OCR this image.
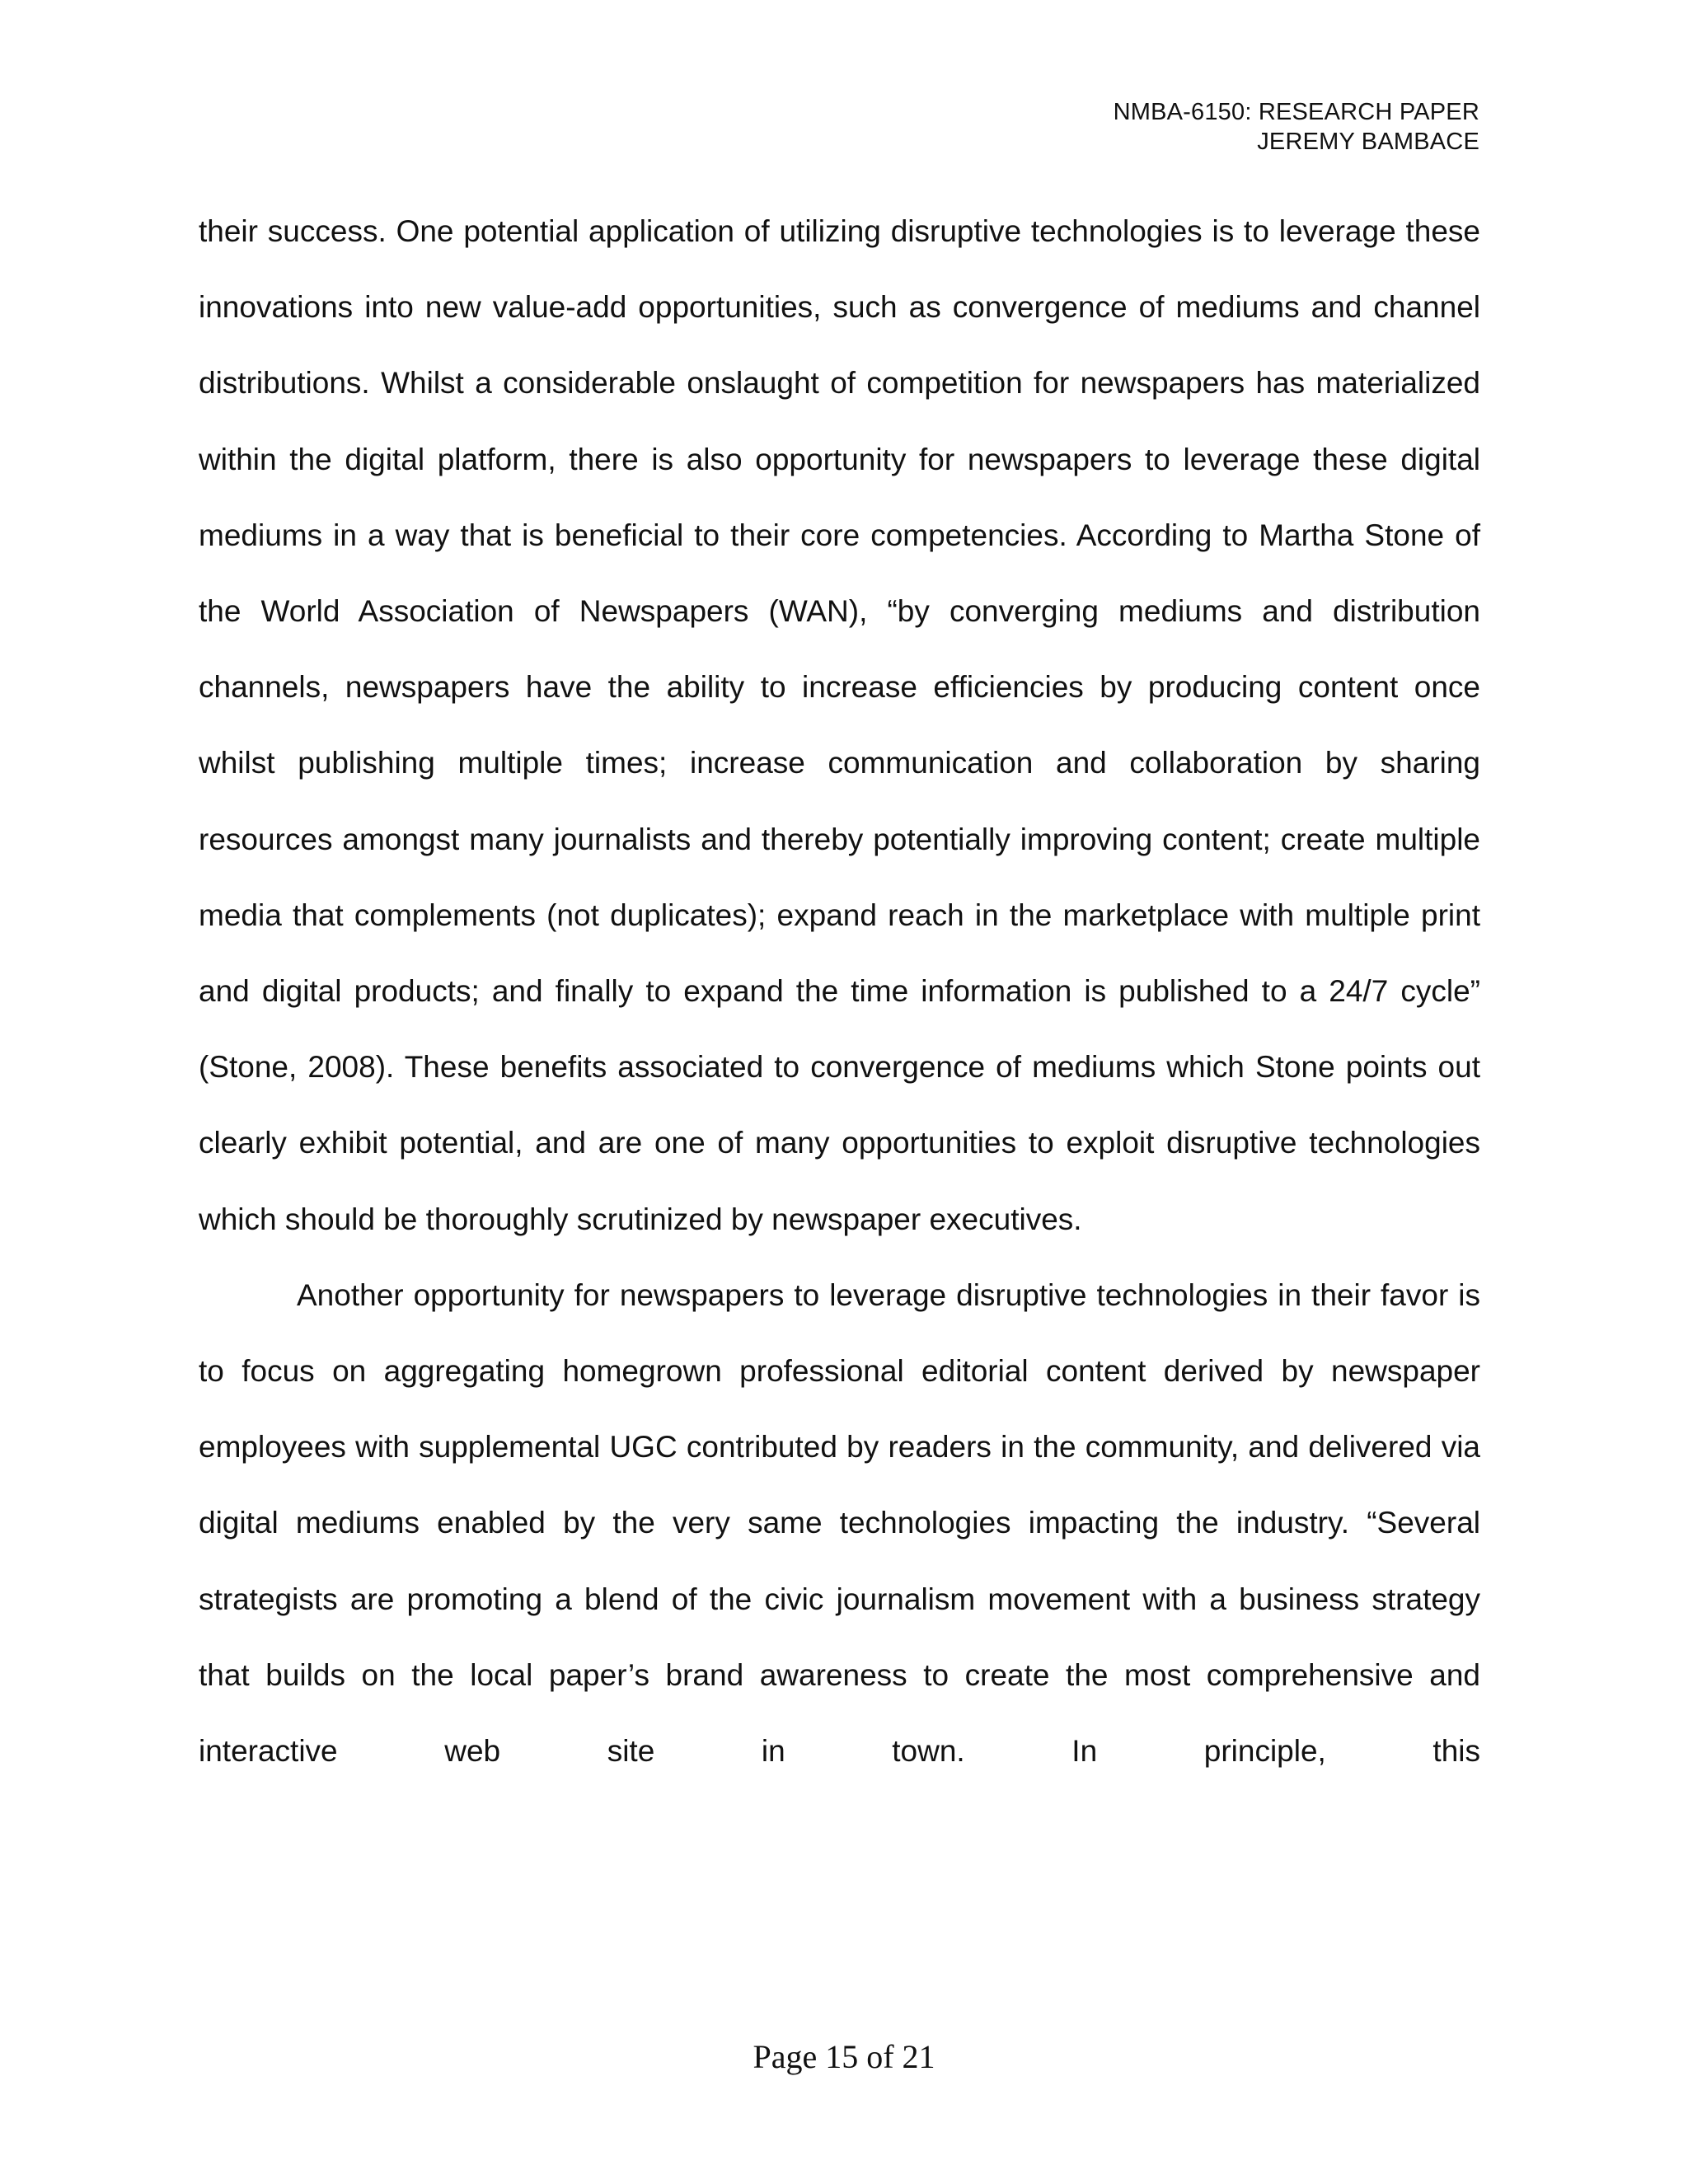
NMBA-6150: RESEARCH PAPER
JEREMY BAMBACE

their success. One potential application of utilizing disruptive technologies is to leverage these innovations into new value-add opportunities, such as convergence of mediums and channel distributions. Whilst a considerable onslaught of competition for newspapers has materialized within the digital platform, there is also opportunity for newspapers to leverage these digital mediums in a way that is beneficial to their core competencies. According to Martha Stone of the World Association of Newspapers (WAN), “by converging mediums and distribution channels, newspapers have the ability to increase efficiencies by producing content once whilst publishing multiple times; increase communication and collaboration by sharing resources amongst many journalists and thereby potentially improving content; create multiple media that complements (not duplicates); expand reach in the marketplace with multiple print and digital products; and finally to expand the time information is published to a 24/7 cycle” (Stone, 2008). These benefits associated to convergence of mediums which Stone points out clearly exhibit potential, and are one of many opportunities to exploit disruptive technologies which should be thoroughly scrutinized by newspaper executives.

Another opportunity for newspapers to leverage disruptive technologies in their favor is to focus on aggregating homegrown professional editorial content derived by newspaper employees with supplemental UGC contributed by readers in the community, and delivered via digital mediums enabled by the very same technologies impacting the industry. “Several strategists are promoting a blend of the civic journalism movement with a business strategy that builds on the local paper’s brand awareness to create the most comprehensive and interactive web site in town. In principle, this

Page 15 of 21
